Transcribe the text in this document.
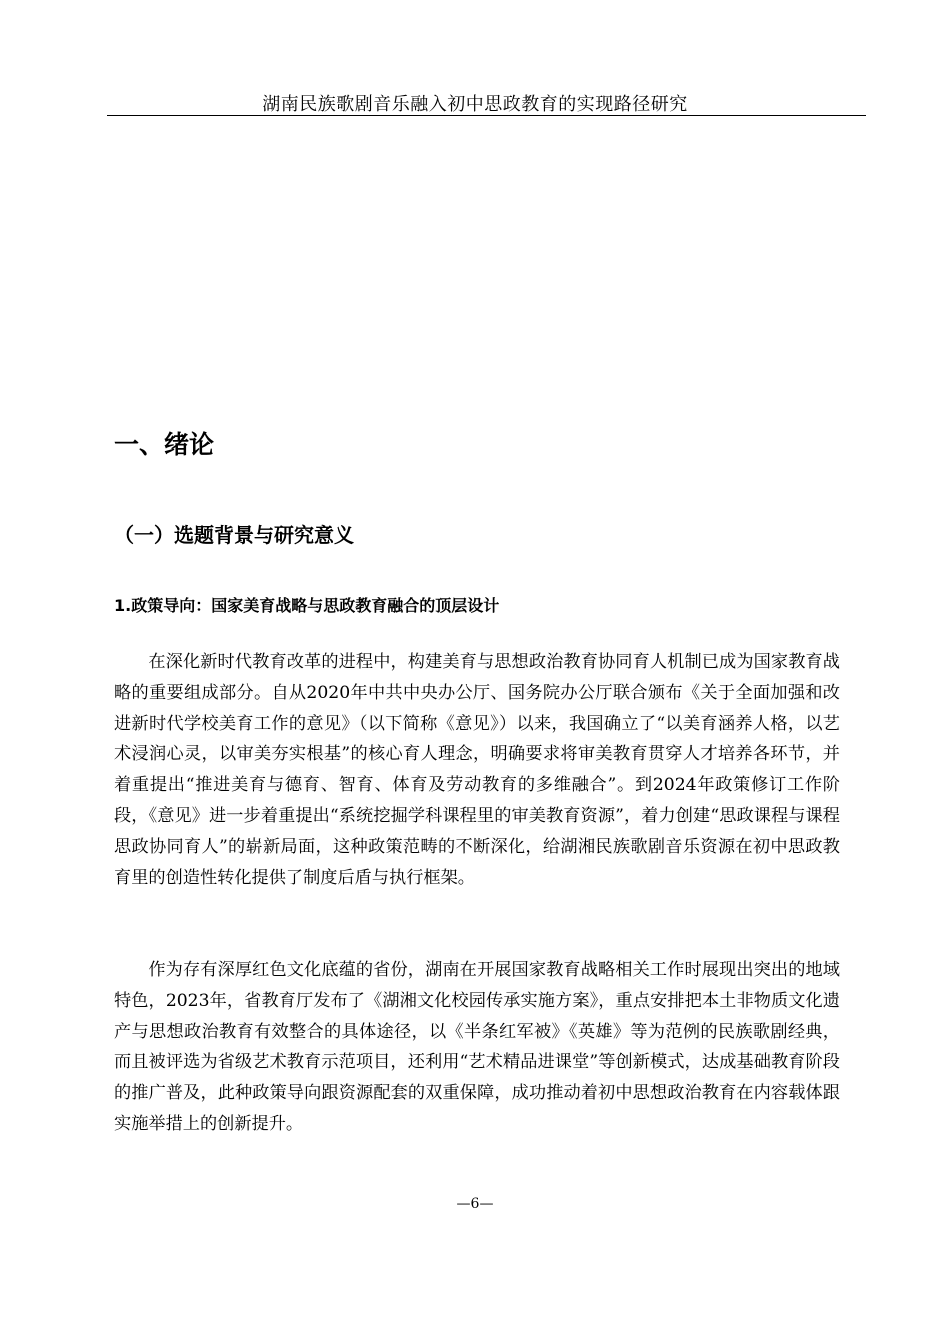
湖南民族歌剧音乐融入初中思政教育的实现路径研究
一、绪论
（一）选题背景与研究意义
1.政策导向：国家美育战略与思政教育融合的顶层设计

在深化新时代教育改革的进程中，构建美育与思想政治教育协同育人机制已成为国家教育战略的重要组成部分。自从2020年中共中央办公厅、国务院办公厅联合颁布《关于全面加强和改进新时代学校美育工作的意见》（以下简称《意见》）以来，我国确立了“以美育涵养人格，以艺术浸润心灵，以审美夯实根基”的核心育人理念，明确要求将审美教育贯穿人才培养各环节，并着重提出“推进美育与德育、智育、体育及劳动教育的多维融合”。到2024年政策修订工作阶段，《意见》进一步着重提出“系统挖掘学科课程里的审美教育资源”，着力创建“思政课程与课程思政协同育人”的崭新局面，这种政策范畴的不断深化，给湖湘民族歌剧音乐资源在初中思政教育里的创造性转化提供了制度后盾与执行框架。

作为存有深厚红色文化底蕴的省份，湖南在开展国家教育战略相关工作时展现出突出的地域特色，2023年，省教育厅发布了《湖湘文化校园传承实施方案》，重点安排把本土非物质文化遗产与思想政治教育有效整合的具体途径，以《半条红军被》《英雄》等为范例的民族歌剧经典，而且被评选为省级艺术教育示范项目，还利用“艺术精品进课堂”等创新模式，达成基础教育阶段的推广普及，此种政策导向跟资源配套的双重保障，成功推动着初中思想政治教育在内容载体跟实施举措上的创新提升。

—6—
